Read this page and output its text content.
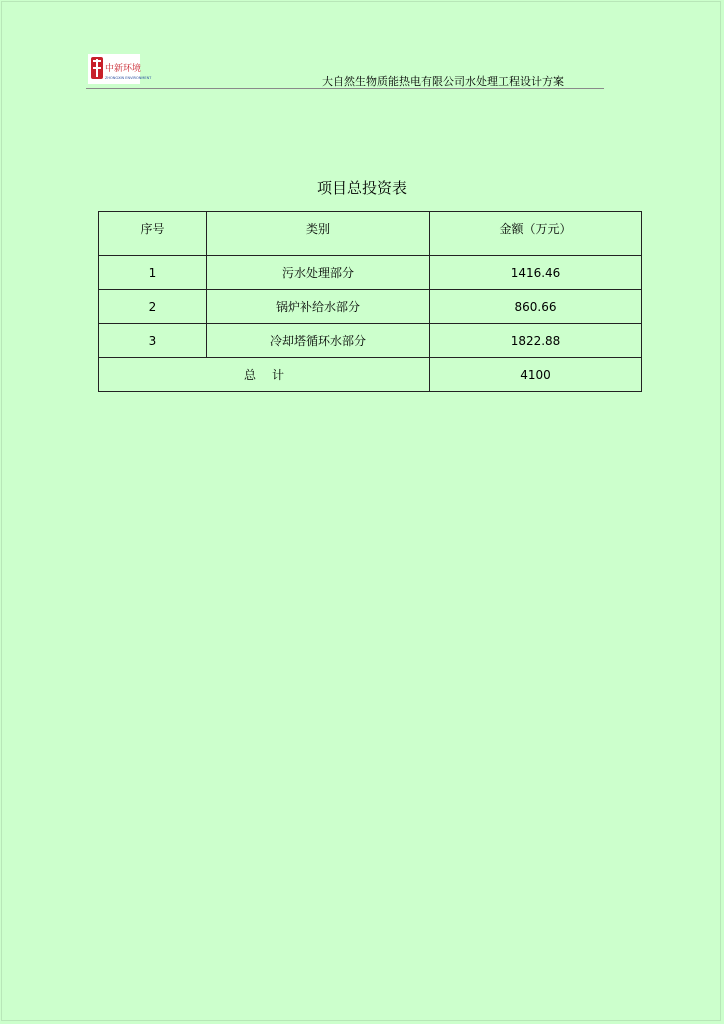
中新环境
ZHONGXIN ENVIRONMENT	大自然生物质能热电有限公司水处理工程设计方案
项目总投资表
序号	类别	金额（万元）
1	污水处理部分	1416.46
2	锅炉补给水部分	860.66
3	冷却塔循环水部分	1822.88
总 计		4100
